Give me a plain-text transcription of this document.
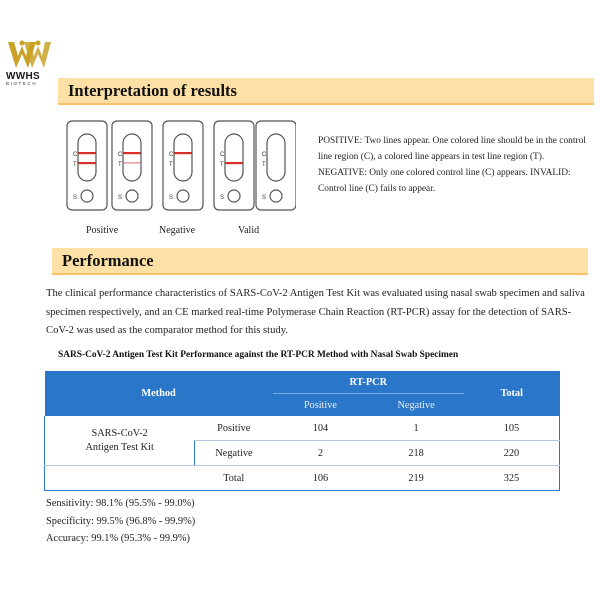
WWHS
BIOTECH	Interpretation of results
C
T
S
C
T
S
C
T
S
C
T
S
C
T
S
Positive	Negative	Valid

POSITIVE: Two lines appear. One colored line should be in the control line region (C), a colored line appears in test line region (T).

NEGATIVE: Only one colored control line (C) appears. INVALID: Control line (C) fails to appear.

Performance
The clinical performance characteristics of SARS-CoV-2 Antigen Test Kit was evaluated using nasal swab specimen and saliva specimen respectively, and an CE marked real-time Polymerase Chain Reaction (RT-PCR) assay for the detection of SARS-CoV-2 was used as the comparator method for this study.
SARS-CoV-2 Antigen Test Kit Performance against the RT-PCR Method with Nasal Swab Specimen
Method		RT-PCR		Total
		Positive	Negative	
SARS-CoV-2
Antigen Test Kit	Positive	104	1	105
	Negative	2	218	220
	Total	106	219	325
Sensitivity: 98.1% (95.5% - 99.0%)
Specificity: 99.5% (96.8% - 99.9%)
Accuracy: 99.1% (95.3% - 99.9%)
